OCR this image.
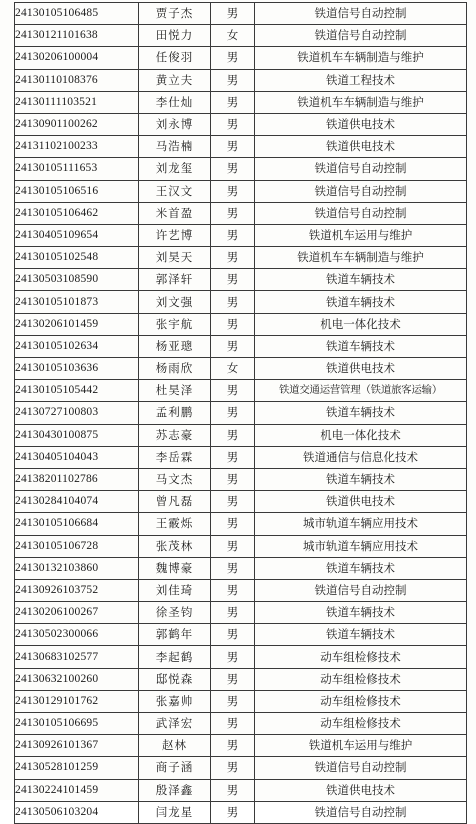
24130105106485	贾子杰	男	铁道信号自动控制
24130121101638	田悦力	女	铁道信号自动控制
24130206100004	任俊羽	男	铁道机车车辆制造与维护
24130110108376	黄立夫	男	铁道工程技术
24130111103521	李仕灿	男	铁道机车车辆制造与维护
24130901100262	刘永博	男	铁道供电技术
24131102100233	马浩楠	男	铁道供电技术
24130105111653	刘龙玺	男	铁道信号自动控制
24130105106516	王汉文	男	铁道信号自动控制
24130105106462	米首盈	男	铁道信号自动控制
24130405109654	许艺博	男	铁道机车运用与维护
24130105102548	刘昊天	男	铁道机车车辆制造与维护
24130503108590	郭泽轩	男	铁道车辆技术
24130105101873	刘文强	男	铁道车辆技术
24130206101459	张宇航	男	机电一体化技术
24130105102634	杨亚璁	男	铁道车辆技术
24130105103636	杨雨欣	女	铁道供电技术
24130105105442	杜昊泽	男	铁道交通运营管理（铁道旅客运输）
24130727100803	孟利鹏	男	铁道车辆技术
24130430100875	苏志豪	男	机电一体化技术
24130405104043	李岳霖	男	铁道通信与信息化技术
24138201102786	马文杰	男	铁道车辆技术
24130284104074	曾凡磊	男	铁道供电技术
24130105106684	王霰烁	男	城市轨道车辆应用技术
24130105106728	张茂林	男	城市轨道车辆应用技术
24130132103860	魏博豪	男	铁道车辆技术
24130926103752	刘佳琦	男	铁道信号自动控制
24130206100267	徐圣钧	男	铁道车辆技术
24130502300066	郭鹤年	男	铁道车辆技术
24130683102577	李起鹤	男	动车组检修技术
24130632100260	邸悦森	男	动车组检修技术
24130129101762	张嘉帅	男	动车组检修技术
24130105106695	武泽宏	男	动车组检修技术
24130926101367	赵林	男	铁道机车运用与维护
24130528101259	商子涵	男	铁道信号自动控制
24130224101459	殷泽鑫	男	铁道供电技术
24130506103204	闫龙星	男	铁道信号自动控制
